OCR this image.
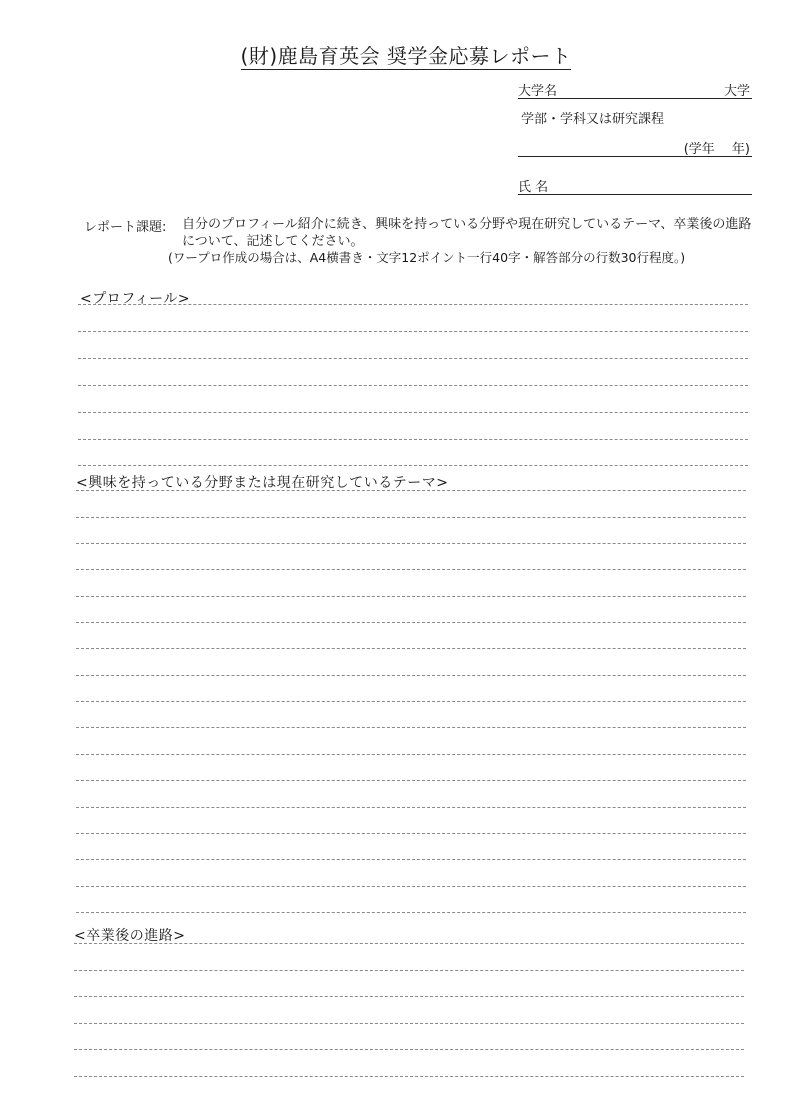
(財)鹿島育英会 奨学金応募レポート
大学名	大学
学部・学科又は研究課程
(学年　 年)
氏 名
レポート課題: 自分のプロフィール紹介に続き、興味を持っている分野や現在研究しているテーマ、卒業後の進路について、記述してください。
(ワープロ作成の場合は、A4横書き・文字12ポイント一行40字・解答部分の行数30行程度。)
<プロフィール>
<興味を持っている分野または現在研究しているテーマ>
<卒業後の進路>
